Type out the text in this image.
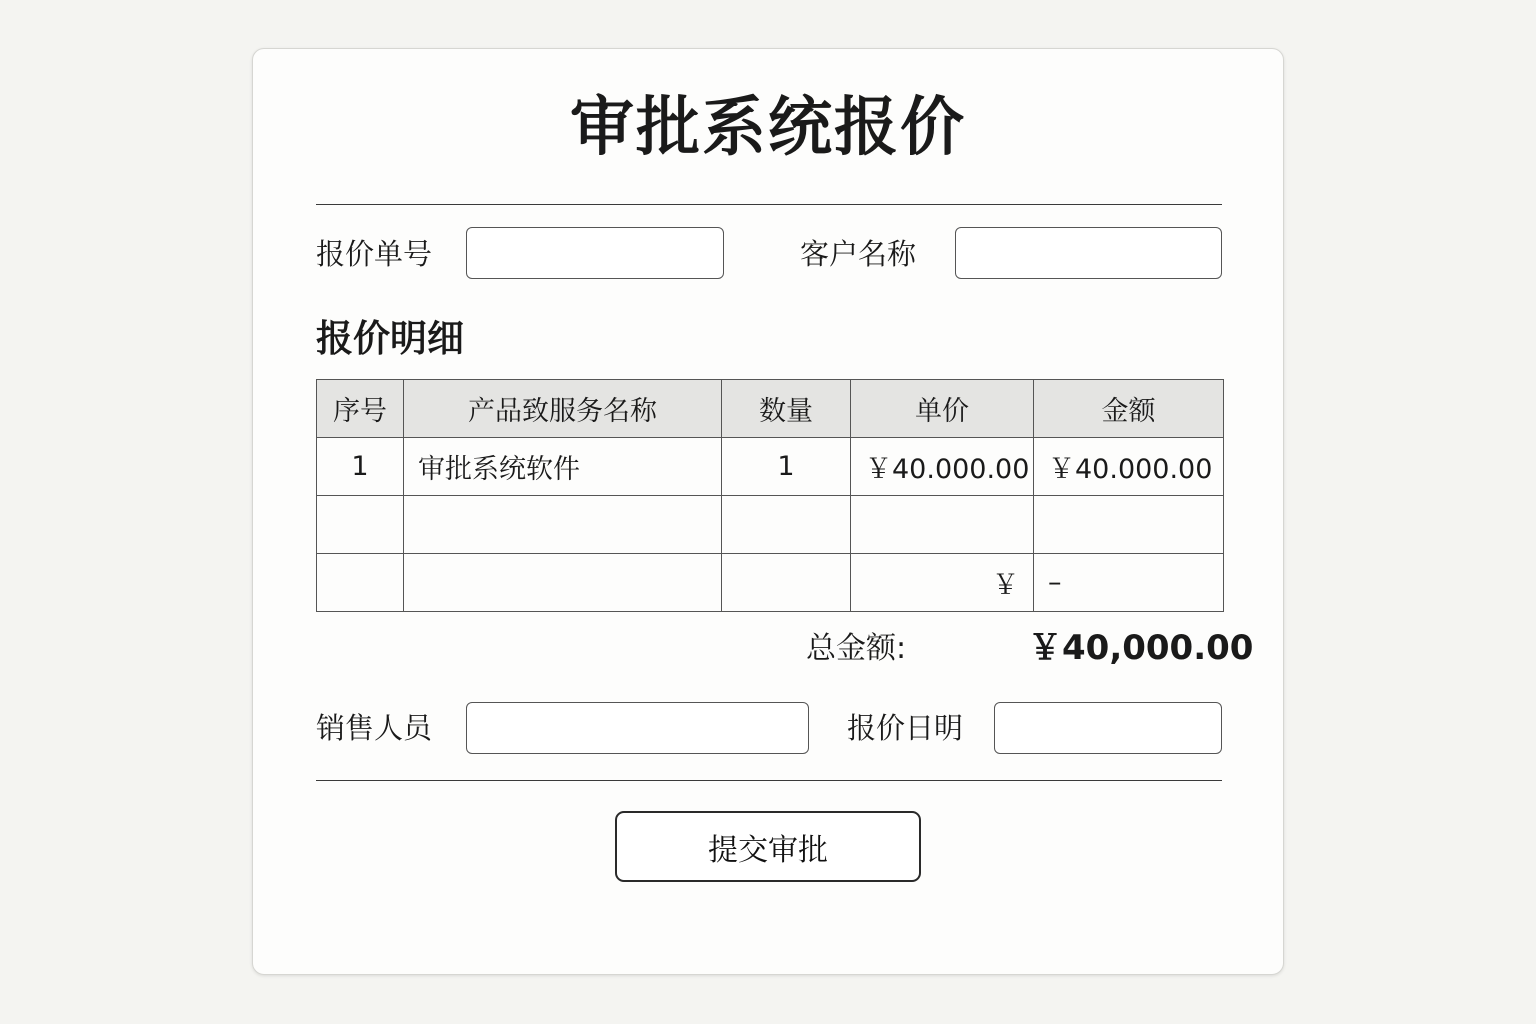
审批系统报价
报价单号	客户名称
报价明细
序号	产品致服务名称	数量	单价	金额
1	审批系统软件	1	￥40.000.00	￥40.000.00

			￥	–
总金额:	￥40,000.00
销售人员	报价日明
提交审批
